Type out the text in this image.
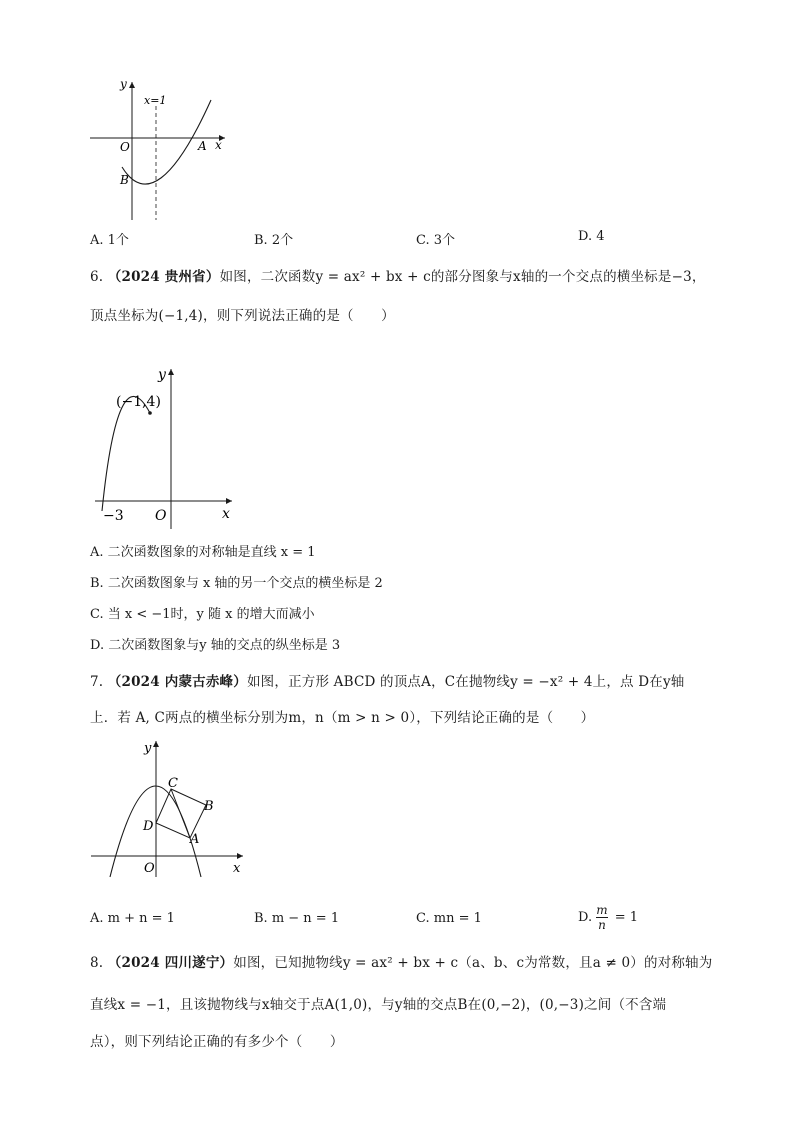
y
x
O	A
B
x=1
A. 1个	B. 2个	C. 3个	D. 4
6. （2024 贵州省）如图，二次函数y = ax² + bx + c的部分图象与x轴的一个交点的横坐标是−3，
顶点坐标为(−1,4)，则下列说法正确的是（　　）
y
x
O
−3
(−1,4)
A. 二次函数图象的对称轴是直线 x = 1
B. 二次函数图象与 x 轴的另一个交点的横坐标是 2
C. 当 x < −1时，y 随 x 的增大而减小
D. 二次函数图象与y 轴的交点的纵坐标是 3
7. （2024 内蒙古赤峰）如图，正方形 ABCD 的顶点A，C在抛物线y = −x² + 4上，点 D在y轴
上．若 A, C两点的横坐标分别为m，n（m > n > 0），下列结论正确的是（　　）
y
x
O
C
B
D
A
A. m + n = 1	B. m − n = 1	C. mn = 1	D. $\frac{m}{n} = 1$
8. （2024 四川遂宁）如图，已知抛物线y = ax² + bx + c（a、b、c为常数，且a ≠ 0）的对称轴为
直线x = −1，且该抛物线与x轴交于点A(1,0)，与y轴的交点B在(0,−2)，(0,−3)之间（不含端
点），则下列结论正确的有多少个（　　）
